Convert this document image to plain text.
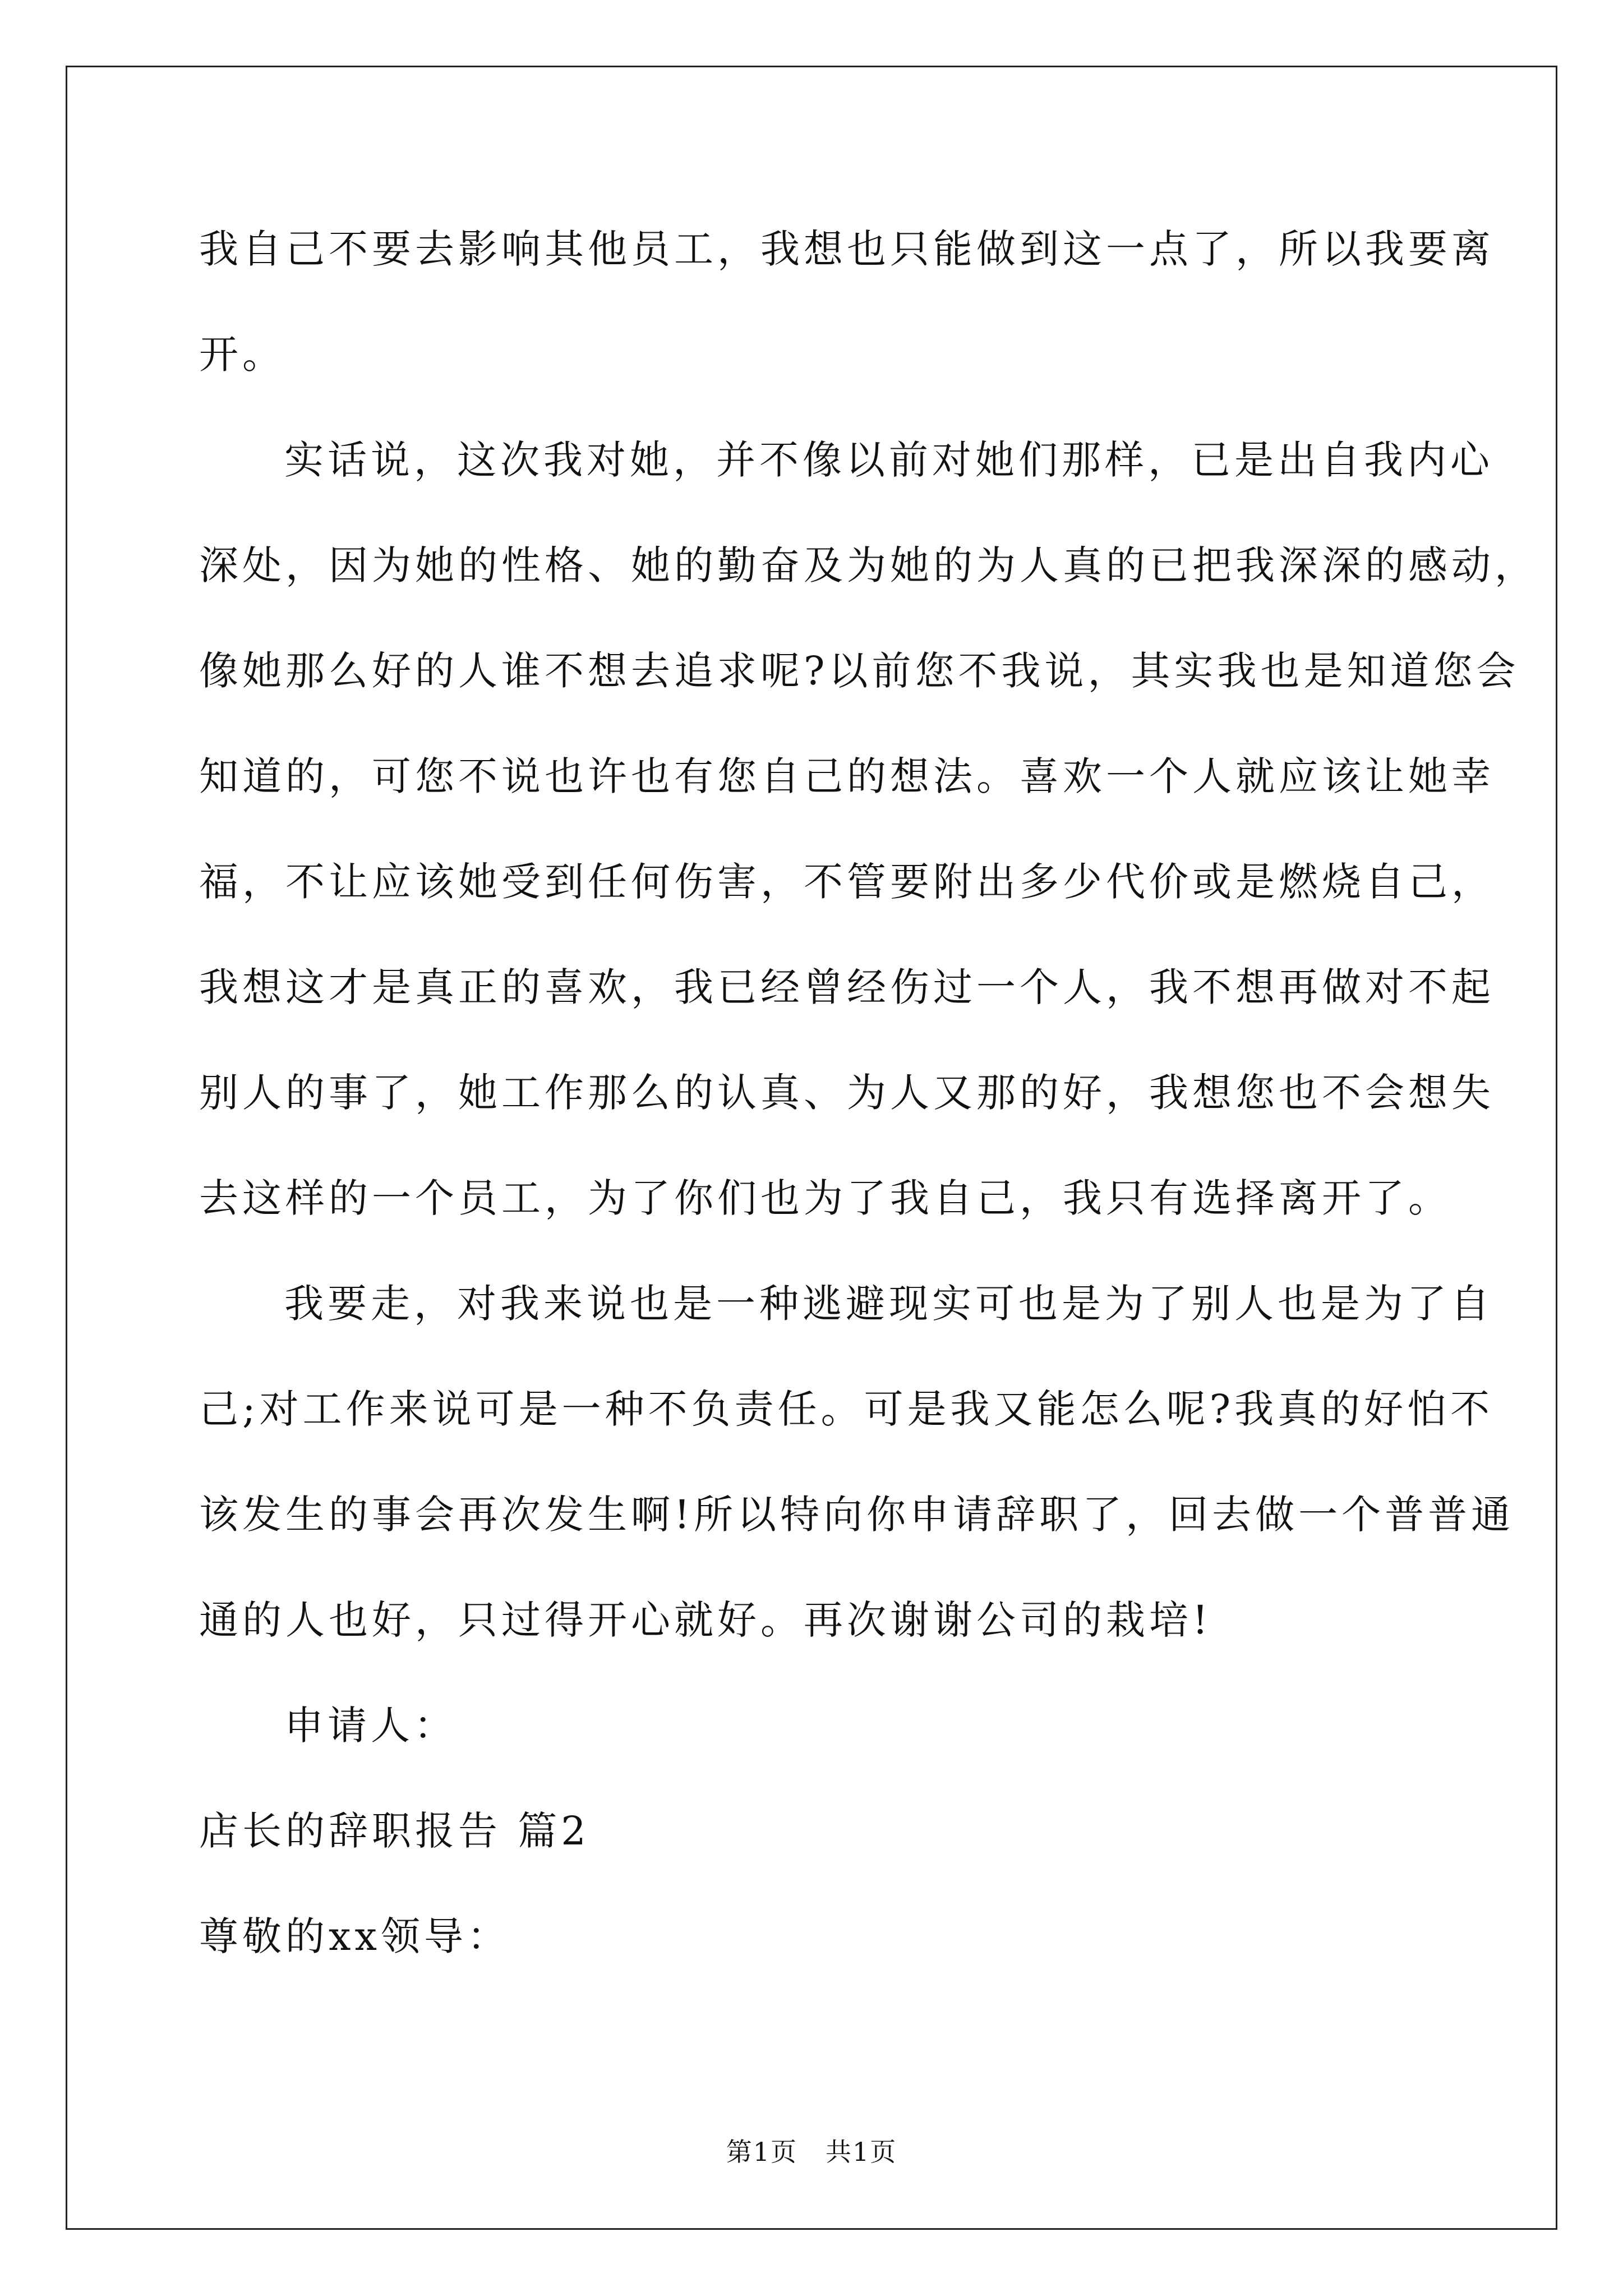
我自己不要去影响其他员工，我想也只能做到这一点了，所以我要离

开。

实话说，这次我对她，并不像以前对她们那样，已是出自我内心

深处，因为她的性格、她的勤奋及为她的为人真的已把我深深的感动，

像她那么好的人谁不想去追求呢?以前您不我说，其实我也是知道您会

知道的，可您不说也许也有您自己的想法。喜欢一个人就应该让她幸

福，不让应该她受到任何伤害，不管要附出多少代价或是燃烧自己，

我想这才是真正的喜欢，我已经曾经伤过一个人，我不想再做对不起

别人的事了，她工作那么的认真、为人又那的好，我想您也不会想失

去这样的一个员工，为了你们也为了我自己，我只有选择离开了。

我要走，对我来说也是一种逃避现实可也是为了别人也是为了自

己;对工作来说可是一种不负责任。可是我又能怎么呢?我真的好怕不

该发生的事会再次发生啊!所以特向你申请辞职了，回去做一个普普通

通的人也好，只过得开心就好。再次谢谢公司的栽培!

申请人：

店长的辞职报告 篇2

尊敬的xx领导：

第1页 共1页
